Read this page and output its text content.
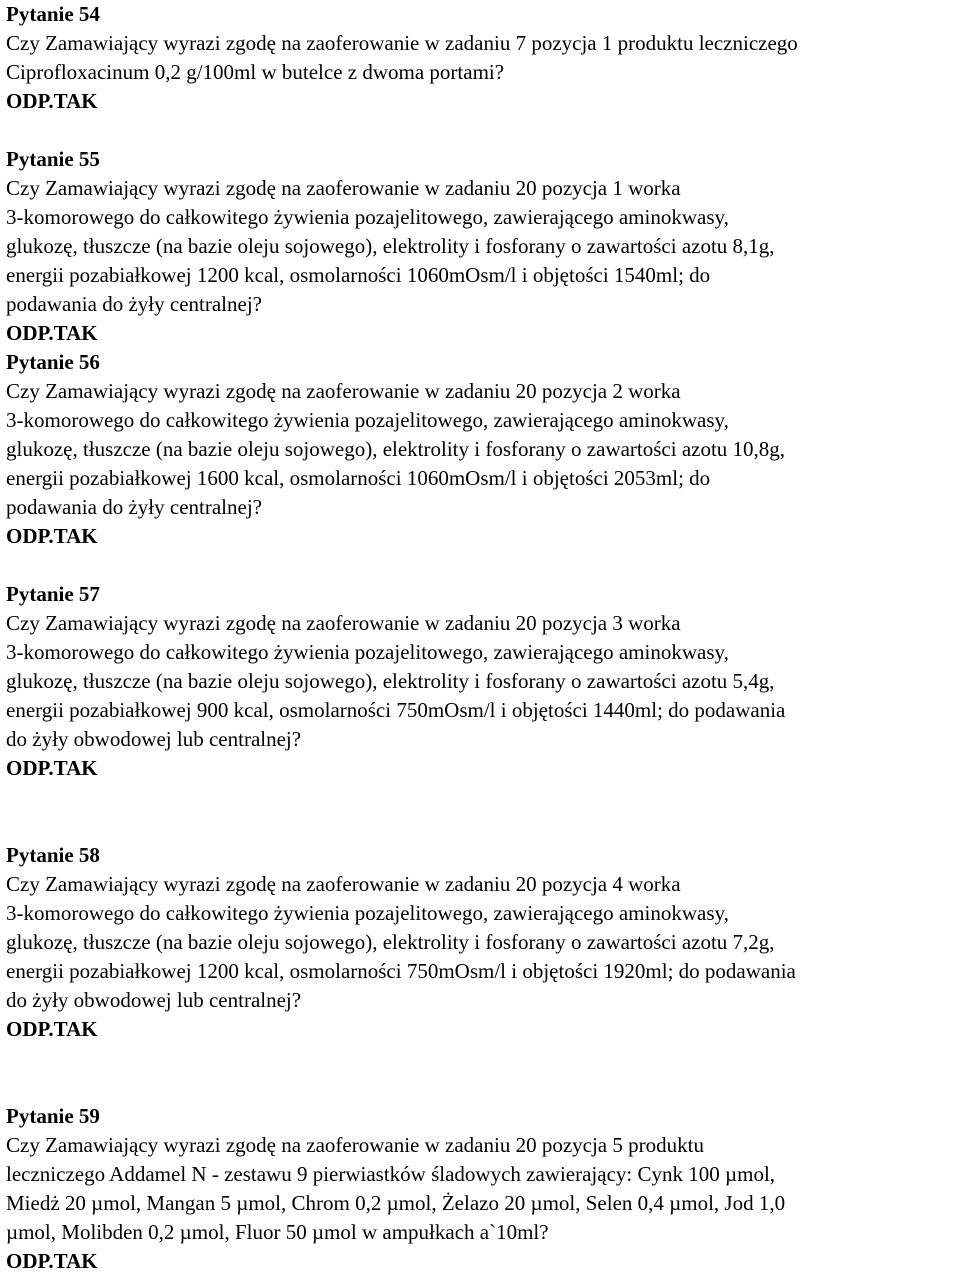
Pytanie 54
Czy Zamawiający wyrazi zgodę na zaoferowanie w zadaniu 7 pozycja 1 produktu leczniczego
Ciprofloxacinum 0,2 g/100ml w butelce z dwoma portami?
ODP.TAK
Pytanie 55
Czy Zamawiający wyrazi zgodę na zaoferowanie w zadaniu 20 pozycja 1 worka
3-komorowego do całkowitego żywienia pozajelitowego, zawierającego aminokwasy,
glukozę, tłuszcze (na bazie oleju sojowego), elektrolity i fosforany o zawartości azotu 8,1g,
energii pozabiałkowej 1200 kcal, osmolarności 1060mOsm/l i objętości 1540ml; do
podawania do żyły centralnej?
ODP.TAK
Pytanie 56
Czy Zamawiający wyrazi zgodę na zaoferowanie w zadaniu 20 pozycja 2 worka
3-komorowego do całkowitego żywienia pozajelitowego, zawierającego aminokwasy,
glukozę, tłuszcze (na bazie oleju sojowego), elektrolity i fosforany o zawartości azotu 10,8g,
energii pozabiałkowej 1600 kcal, osmolarności 1060mOsm/l i objętości 2053ml; do
podawania do żyły centralnej?
ODP.TAK
Pytanie 57
Czy Zamawiający wyrazi zgodę na zaoferowanie w zadaniu 20 pozycja 3 worka
3-komorowego do całkowitego żywienia pozajelitowego, zawierającego aminokwasy,
glukozę, tłuszcze (na bazie oleju sojowego), elektrolity i fosforany o zawartości azotu 5,4g,
energii pozabiałkowej 900 kcal, osmolarności 750mOsm/l i objętości 1440ml; do podawania
do żyły obwodowej lub centralnej?
ODP.TAK
Pytanie 58
Czy Zamawiający wyrazi zgodę na zaoferowanie w zadaniu 20 pozycja 4 worka
3-komorowego do całkowitego żywienia pozajelitowego, zawierającego aminokwasy,
glukozę, tłuszcze (na bazie oleju sojowego), elektrolity i fosforany o zawartości azotu 7,2g,
energii pozabiałkowej 1200 kcal, osmolarności 750mOsm/l i objętości 1920ml; do podawania
do żyły obwodowej lub centralnej?
ODP.TAK
Pytanie 59
Czy Zamawiający wyrazi zgodę na zaoferowanie w zadaniu 20 pozycja 5 produktu
leczniczego Addamel N - zestawu 9 pierwiastków śladowych zawierający: Cynk 100 µmol,
Miedż 20 µmol, Mangan 5 µmol, Chrom 0,2 µmol, Żelazo 20 µmol, Selen 0,4 µmol, Jod 1,0
µmol, Molibden 0,2 µmol, Fluor 50 µmol w ampułkach a`10ml?
ODP.TAK
